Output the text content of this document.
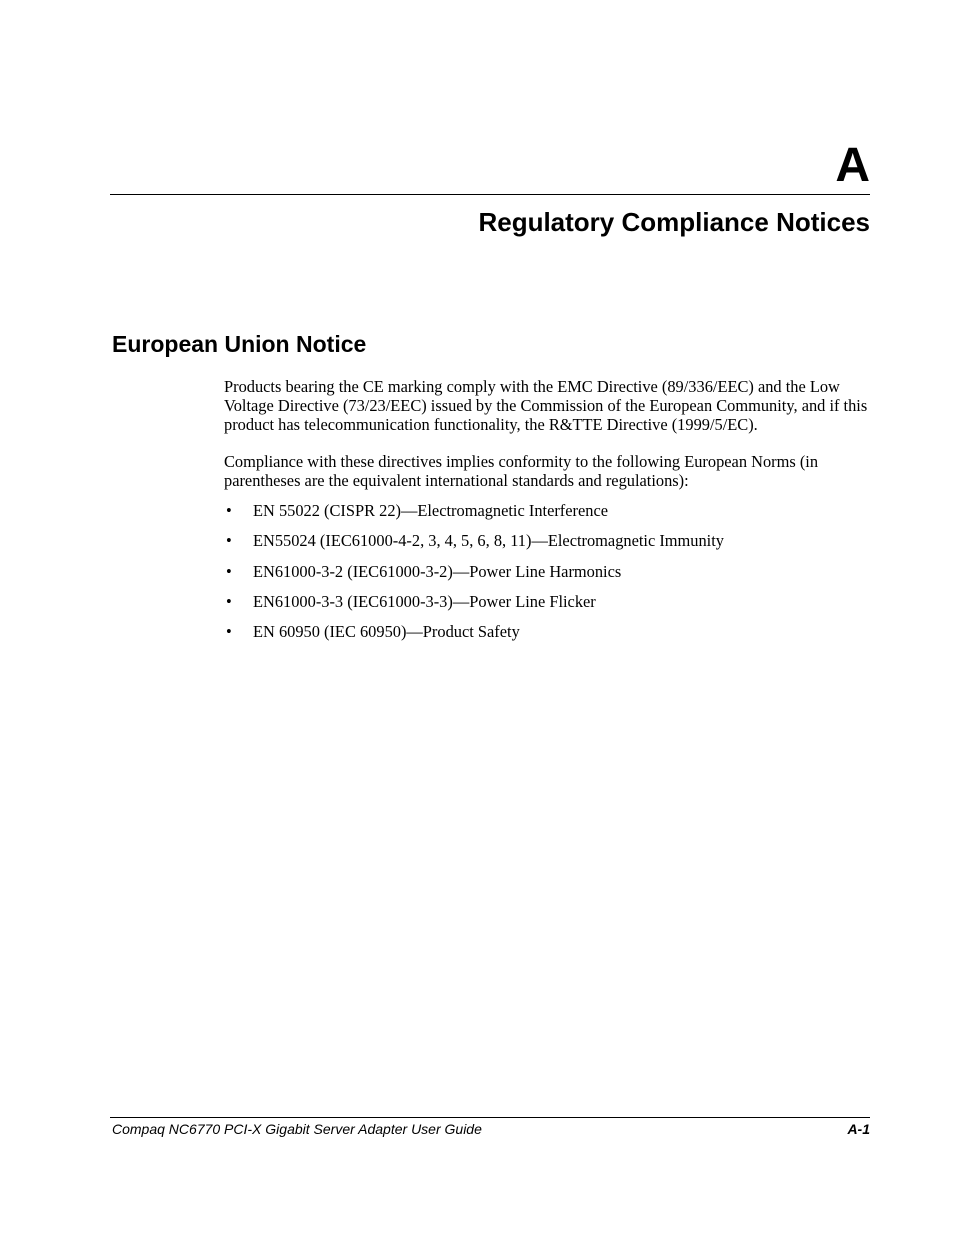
A
Regulatory Compliance Notices
European Union Notice

Products bearing the CE marking comply with the EMC Directive (89/336/EEC) and the Low Voltage Directive (73/23/EEC) issued by the Commission of the European Community, and if this product has telecommunication functionality, the R&TTE Directive (1999/5/EC).

Compliance with these directives implies conformity to the following European Norms (in parentheses are the equivalent international standards and regulations):

• EN 55022 (CISPR 22)—Electromagnetic Interference
• EN55024 (IEC61000-4-2, 3, 4, 5, 6, 8, 11)—Electromagnetic Immunity
• EN61000-3-2 (IEC61000-3-2)—Power Line Harmonics
• EN61000-3-3 (IEC61000-3-3)—Power Line Flicker
• EN 60950 (IEC 60950)—Product Safety
Compaq NC6770 PCI-X Gigabit Server Adapter User Guide	A-1
